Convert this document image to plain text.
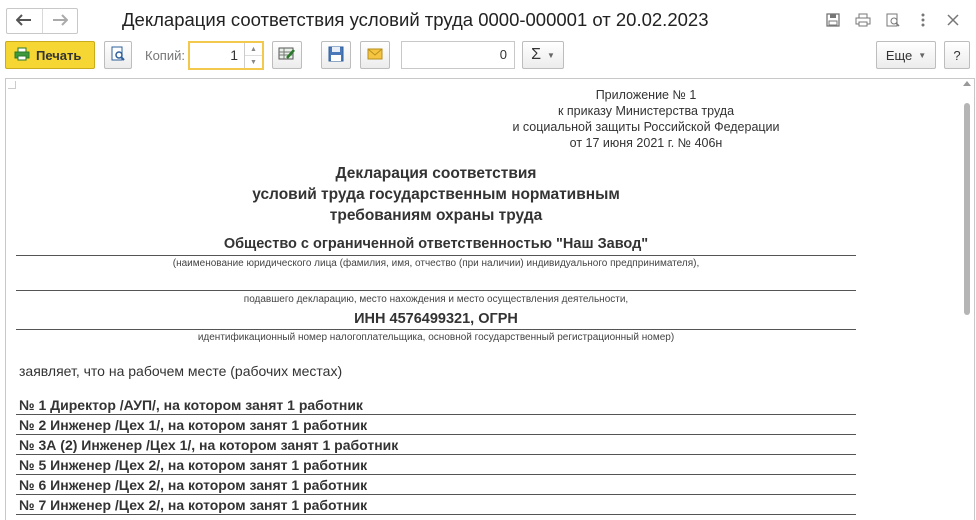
Декларация соответствия условий труда 0000-000001 от 20.02.2023
Печать	Копий:	1	▲
▼	0	Σ ▼	Еще ▼ ?
Приложение № 1
к приказу Министерства труда
и социальной защиты Российской Федерации
от 17 июня 2021 г. № 406н
Декларация соответствия
условий труда государственным нормативным
требованиям охраны труда
Общество с ограниченной ответственностью "Наш Завод"
(наименование юридического лица (фамилия, имя, отчество (при наличии) индивидуального предпринимателя),
подавшего декларацию, место нахождения и место осуществления деятельности,
ИНН 4576499321, ОГРН
идентификационный номер налогоплательщика, основной государственный регистрационный номер)
заявляет, что на рабочем месте (рабочих местах)
№ 1 Директор /АУП/, на котором занят 1 работник
№ 2 Инженер /Цех 1/, на котором занят 1 работник
№ 3А (2) Инженер /Цех 1/, на котором занят 1 работник
№ 5 Инженер /Цех 2/, на котором занят 1 работник
№ 6 Инженер /Цех 2/, на котором занят 1 работник
№ 7 Инженер /Цех 2/, на котором занят 1 работник
